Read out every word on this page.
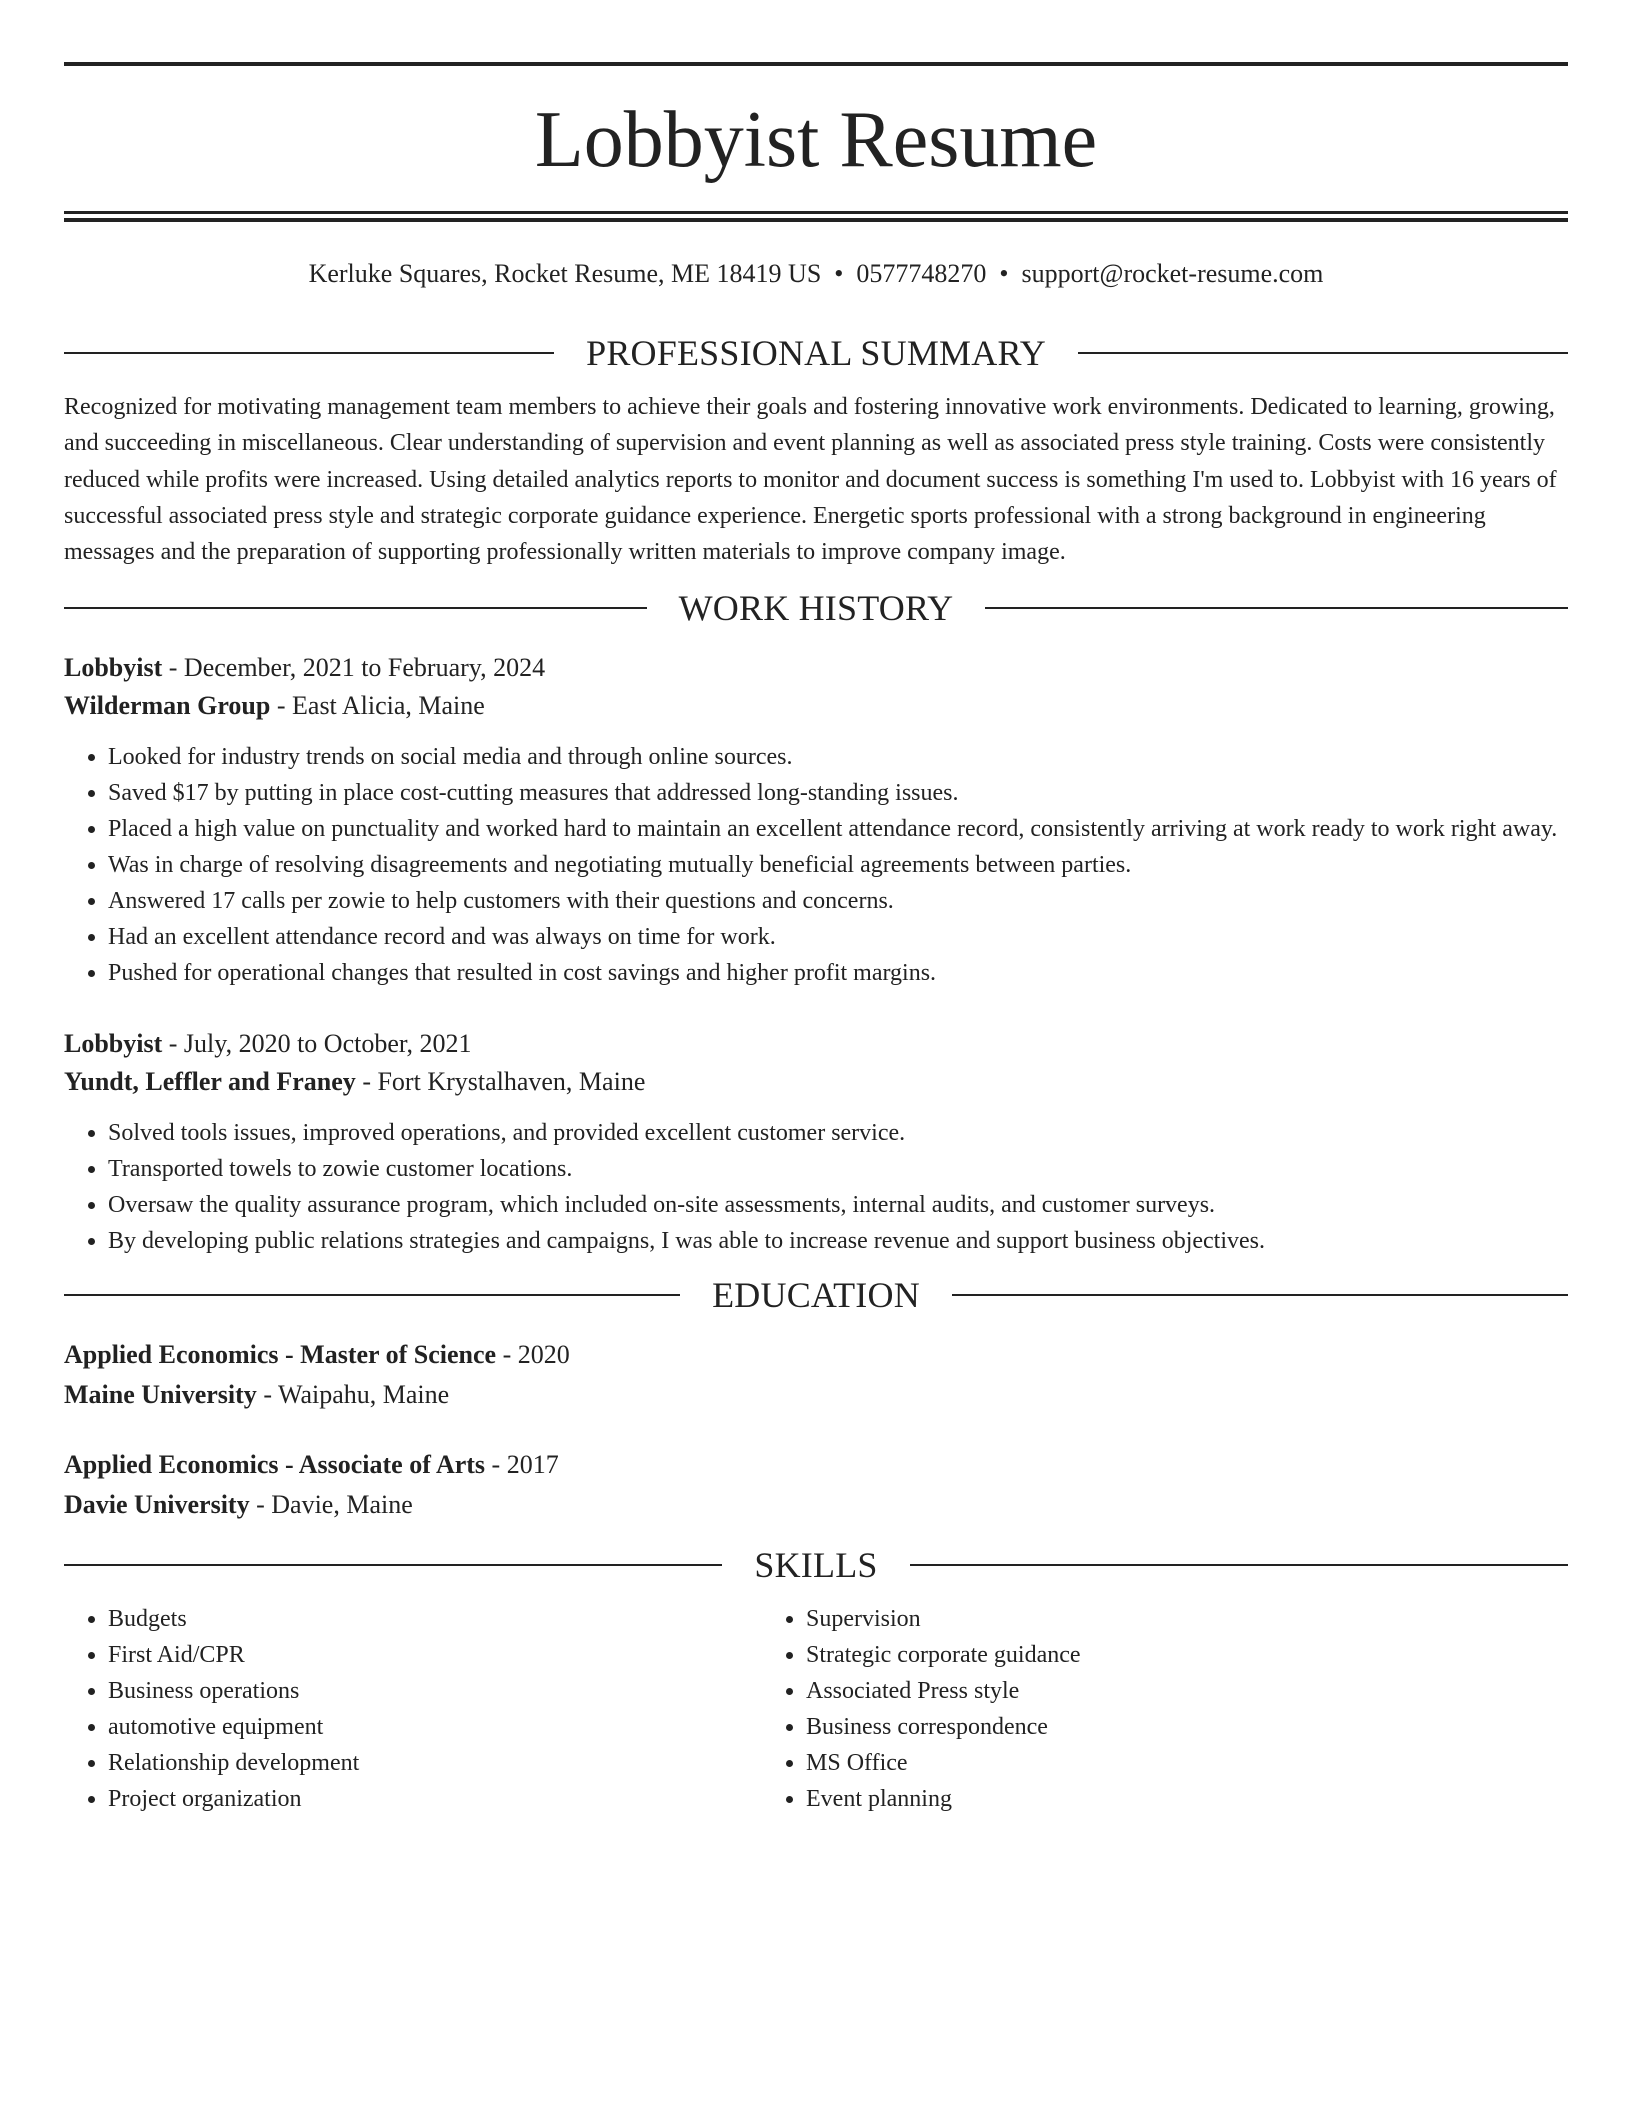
Lobbyist Resume
Kerluke Squares, Rocket Resume, ME 18419 US • 0577748270 • support@rocket-resume.com
PROFESSIONAL SUMMARY

Recognized for motivating management team members to achieve their goals and fostering innovative work environments. Dedicated to learning, growing, and succeeding in miscellaneous. Clear understanding of supervision and event planning as well as associated press style training. Costs were consistently reduced while profits were increased. Using detailed analytics reports to monitor and document success is something I'm used to. Lobbyist with 16 years of successful associated press style and strategic corporate guidance experience. Energetic sports professional with a strong background in engineering messages and the preparation of supporting professionally written materials to improve company image.

WORK HISTORY
Lobbyist - December, 2021 to February, 2024
Wilderman Group - East Alicia, Maine
• Looked for industry trends on social media and through online sources.
• Saved $17 by putting in place cost-cutting measures that addressed long-standing issues.
• Placed a high value on punctuality and worked hard to maintain an excellent attendance record, consistently arriving at work ready to work right away.
• Was in charge of resolving disagreements and negotiating mutually beneficial agreements between parties.
• Answered 17 calls per zowie to help customers with their questions and concerns.
• Had an excellent attendance record and was always on time for work.
• Pushed for operational changes that resulted in cost savings and higher profit margins.
Lobbyist - July, 2020 to October, 2021
Yundt, Leffler and Franey - Fort Krystalhaven, Maine
• Solved tools issues, improved operations, and provided excellent customer service.
• Transported towels to zowie customer locations.
• Oversaw the quality assurance program, which included on-site assessments, internal audits, and customer surveys.
• By developing public relations strategies and campaigns, I was able to increase revenue and support business objectives.
EDUCATION
Applied Economics - Master of Science - 2020
Maine University - Waipahu, Maine
Applied Economics - Associate of Arts - 2017
Davie University - Davie, Maine
SKILLS
• Budgets
• First Aid/CPR
• Business operations
• automotive equipment
• Relationship development
• Project organization
• Supervision
• Strategic corporate guidance
• Associated Press style
• Business correspondence
• MS Office
• Event planning
